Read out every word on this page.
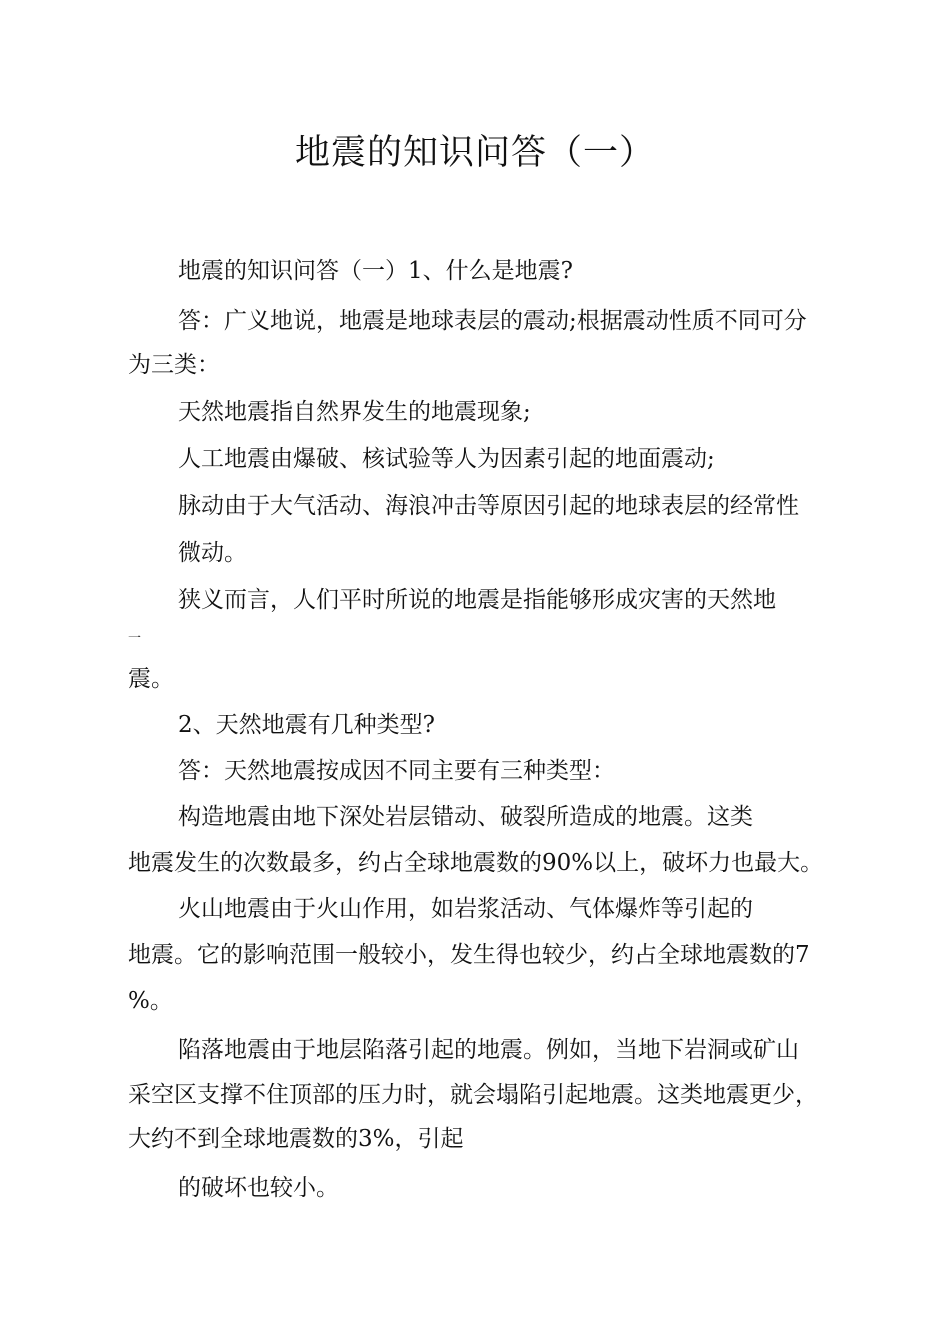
地震的知识问答（一）
地震的知识问答（一）1、什么是地震?
答：广义地说，地震是地球表层的震动;根据震动性质不同可分
为三类：
天然地震指自然界发生的地震现象;
人工地震由爆破、核试验等人为因素引起的地面震动;
脉动由于大气活动、海浪冲击等原因引起的地球表层的经常性
微动。
狭义而言，人们平时所说的地震是指能够形成灾害的天然地
一
震。
2、天然地震有几种类型?
答：天然地震按成因不同主要有三种类型：
构造地震由地下深处岩层错动、破裂所造成的地震。这类
地震发生的次数最多，约占全球地震数的90%以上，破坏力也最大。
火山地震由于火山作用，如岩浆活动、气体爆炸等引起的
地震。它的影响范围一般较小，发生得也较少，约占全球地震数的7
%。
陷落地震由于地层陷落引起的地震。例如，当地下岩洞或矿山
采空区支撑不住顶部的压力时，就会塌陷引起地震。这类地震更少，
大约不到全球地震数的3%，引起
的破坏也较小。
